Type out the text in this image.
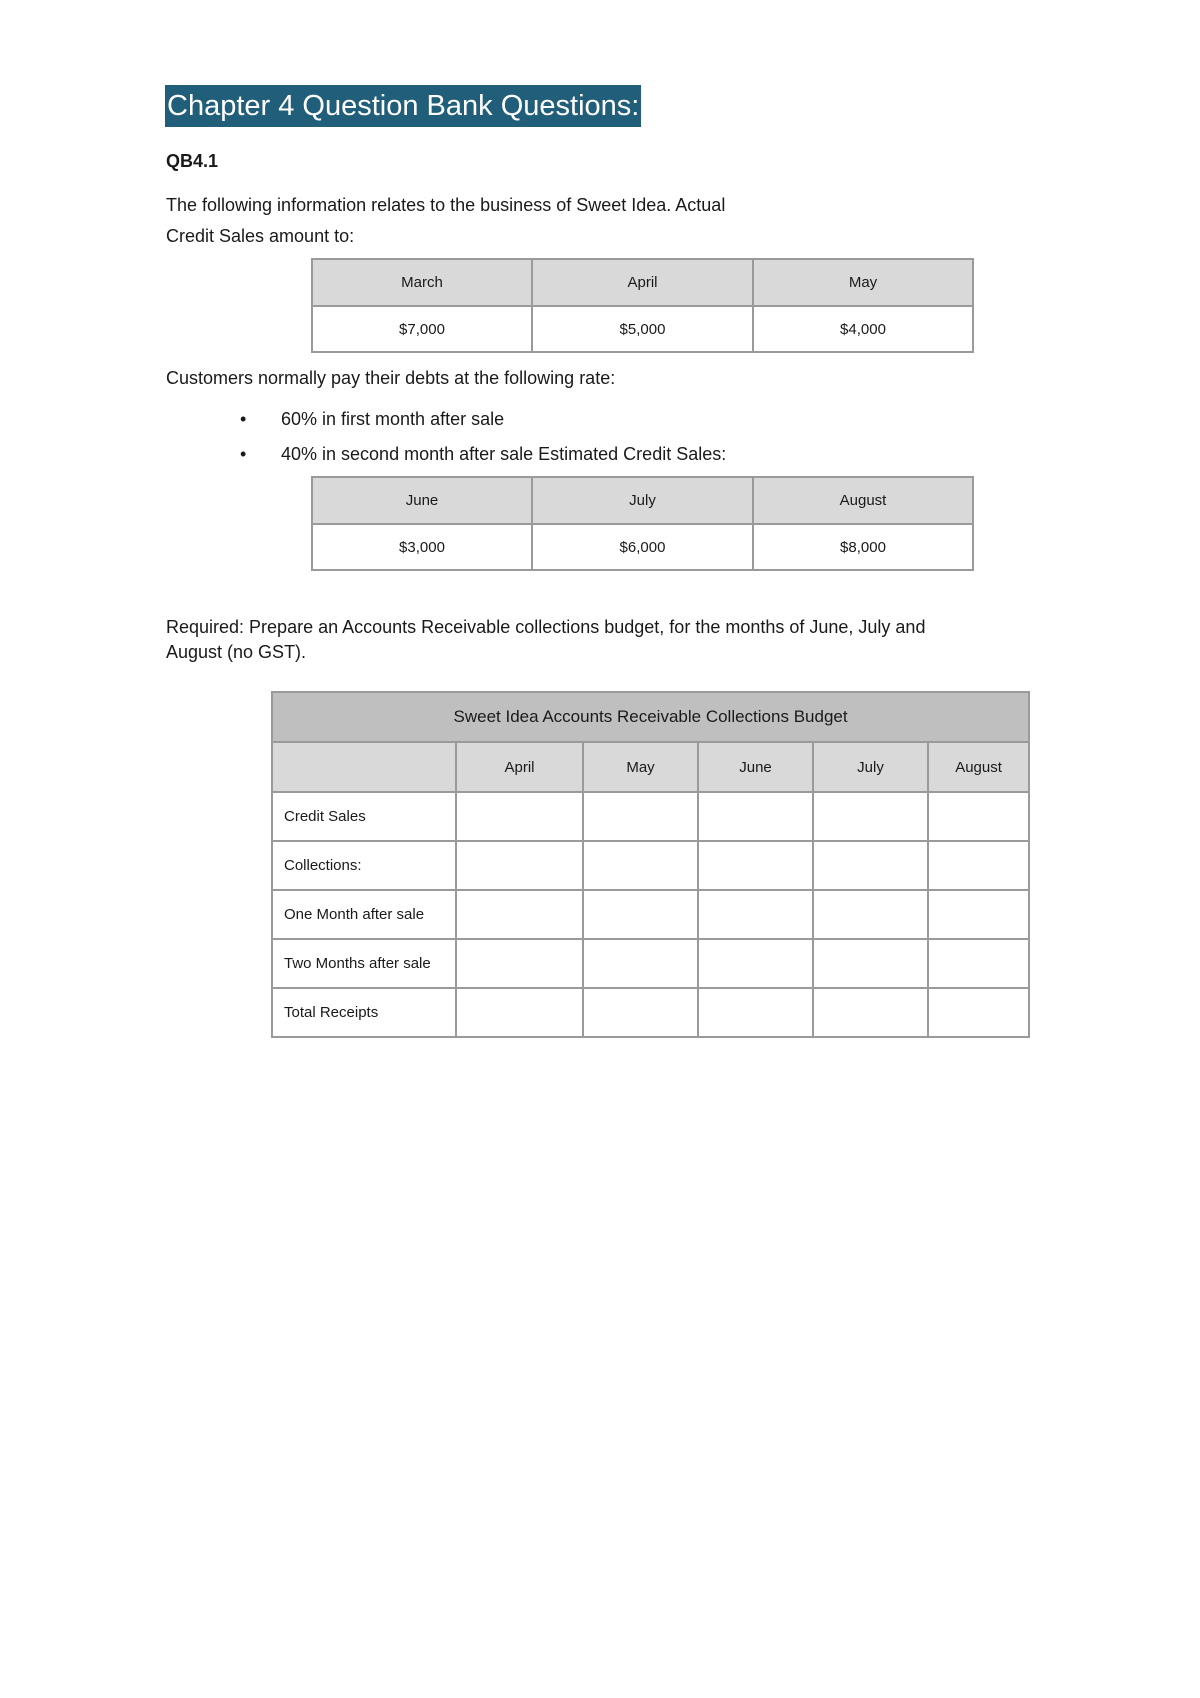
Chapter 4 Question Bank Questions:
QB4.1
The following information relates to the business of Sweet Idea. Actual
Credit Sales amount to:
March	April	May
$7,000	$5,000	$4,000
Customers normally pay their debts at the following rate:
• 60% in first month after sale
• 40% in second month after sale Estimated Credit Sales:
June	July	August
$3,000	$6,000	$8,000
Required: Prepare an Accounts Receivable collections budget, for the months of June, July and
August (no GST).
Sweet Idea Accounts Receivable Collections Budget					
	April	May	June	July	August
Credit Sales					
Collections:					
One Month after sale					
Two Months after sale					
Total Receipts					
